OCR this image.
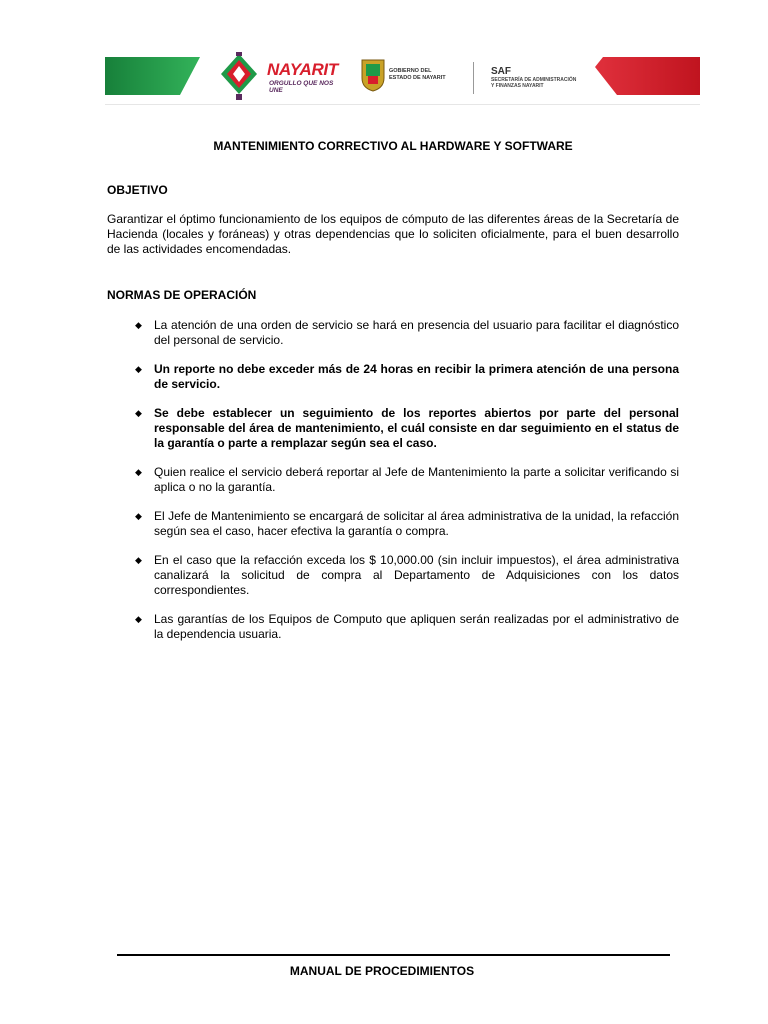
NAYARIT
ORGULLO QUE NOS UNE
GOBIERNO DEL
ESTADO DE NAYARIT
SAF
SECRETARÍA DE ADMINISTRACIÓN
Y FINANZAS NAYARIT
MANTENIMIENTO CORRECTIVO AL HARDWARE Y SOFTWARE
OBJETIVO
Garantizar el óptimo funcionamiento de los equipos de cómputo de las diferentes áreas de la Secretaría de Hacienda (locales y foráneas) y otras dependencias que lo soliciten oficialmente, para el buen desarrollo de las actividades encomendadas.
NORMAS DE OPERACIÓN
◆ La atención de una orden de servicio se hará en presencia del usuario para facilitar el diagnóstico del personal de servicio.
◆ Un reporte no debe exceder más de 24 horas en recibir la primera atención de una persona de servicio.
◆ Se debe establecer un seguimiento de los reportes abiertos por parte del personal responsable del área de mantenimiento, el cuál consiste en dar seguimiento en el status de la garantía o parte a remplazar según sea el caso.
◆ Quien realice el servicio deberá reportar al Jefe de Mantenimiento la parte a solicitar verificando si aplica o no la garantía.
◆ El Jefe de Mantenimiento se encargará de solicitar al área administrativa de la unidad, la refacción según sea el caso, hacer efectiva la garantía o compra.
◆ En el caso que la refacción exceda los $ 10,000.00 (sin incluir impuestos), el área administrativa canalizará la solicitud de compra al Departamento de Adquisiciones con los datos correspondientes.
◆ Las garantías de los Equipos de Computo que apliquen serán realizadas por el administrativo de la dependencia usuaria.
MANUAL DE PROCEDIMIENTOS
